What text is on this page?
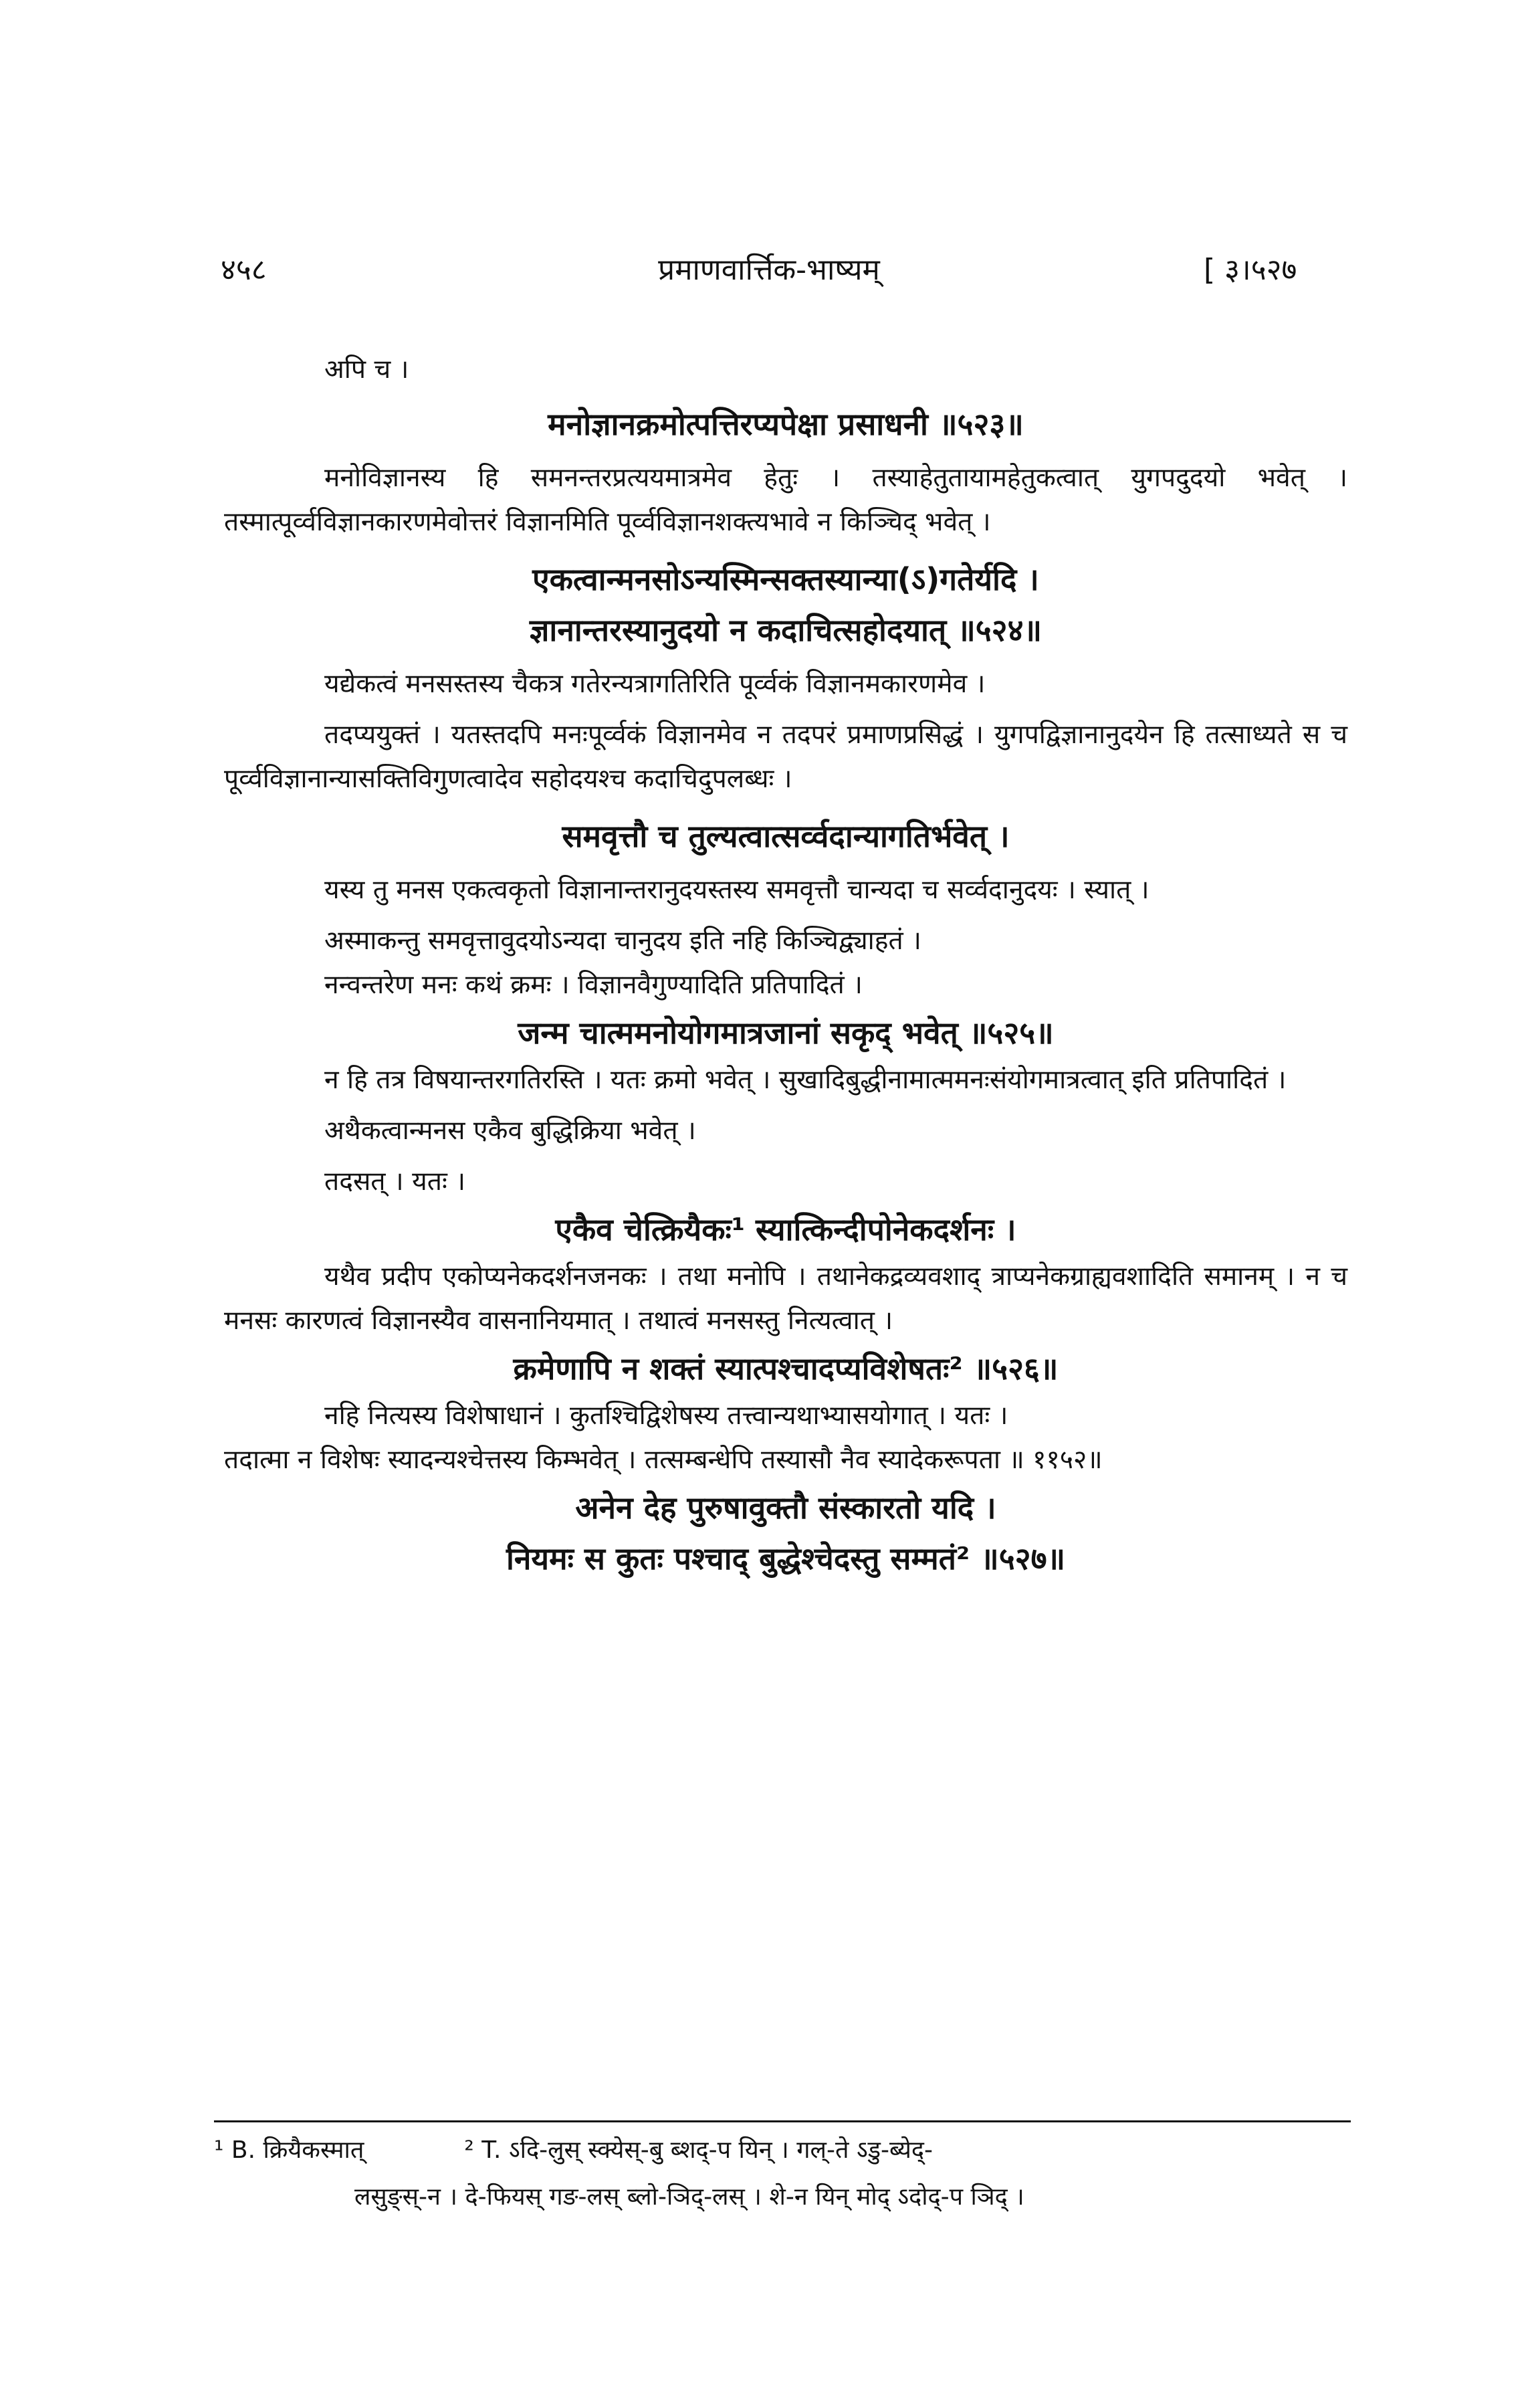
४५८	प्रमाणवार्त्तिक-भाष्यम्	[ ३।५२७

अपि च ।

मनोज्ञानक्रमोत्पत्तिरप्यपेक्षा प्रसाधनी ॥५२३॥

मनोविज्ञानस्य हि समनन्तरप्रत्ययमात्रमेव हेतुः । तस्याहेतुतायामहेतुकत्वात् युगपदुदयो भवेत् । तस्मात्पूर्व्वविज्ञानकारणमेवोत्तरं विज्ञानमिति पूर्व्वविज्ञानशक्त्यभावे न किञ्चिद् भवेत् ।

एकत्वान्मनसोऽन्यस्मिन्सक्तस्यान्या(ऽ)गतेर्यदि ।
ज्ञानान्तरस्यानुदयो न कदाचित्सहोदयात् ॥५२४॥

यद्येकत्वं मनसस्तस्य चैकत्र गतेरन्यत्रागतिरिति पूर्व्वकं विज्ञानमकारणमेव ।

तदप्ययुक्तं । यतस्तदपि मनःपूर्व्वकं विज्ञानमेव न तदपरं प्रमाणप्रसिद्धं । युगपद्विज्ञानानुदयेन हि तत्साध्यते स च पूर्व्वविज्ञानान्यासक्तिविगुणत्वादेव सहोदयश्च कदाचिदुपलब्धः ।

समवृत्तौ च तुल्यत्वात्सर्व्वदान्यागतिर्भवेत् ।

यस्य तु मनस एकत्वकृतो विज्ञानान्तरानुदयस्तस्य समवृत्तौ चान्यदा च सर्व्वदानुदयः । स्यात् ।

अस्माकन्तु समवृत्तावुदयोऽन्यदा चानुदय इति नहि किञ्चिद्व्याहतं ।

नन्वन्तरेण मनः कथं क्रमः । विज्ञानवैगुण्यादिति प्रतिपादितं ।

जन्म चात्ममनोयोगमात्रजानां सकृद् भवेत् ॥५२५॥

न हि तत्र विषयान्तरगतिरस्ति । यतः क्रमो भवेत् । सुखादिबुद्धीनामात्ममनःसंयोगमात्रत्वात् इति प्रतिपादितं ।

अथैकत्वान्मनस एकैव बुद्धिक्रिया भवेत् ।

तदसत् । यतः ।

एकैव चेत्क्रियैकः¹ स्यात्किन्दीपोनेकदर्शनः ।

यथैव प्रदीप एकोप्यनेकदर्शनजनकः । तथा मनोपि । तथानेकद्रव्यवशाद् त्राप्यनेकग्राह्यवशादिति समानम् । न च मनसः कारणत्वं विज्ञानस्यैव वासनानियमात् । तथात्वं मनसस्तु नित्यत्वात् ।

क्रमेणापि न शक्तं स्यात्पश्चादप्यविशेषतः² ॥५२६॥

नहि नित्यस्य विशेषाधानं । कुतश्चिद्विशेषस्य तत्त्वान्यथाभ्यासयोगात् । यतः ।

तदात्मा न विशेषः स्यादन्यश्चेत्तस्य किम्भवेत् । तत्सम्बन्धेपि तस्यासौ नैव स्यादेकरूपता ॥ ११५२॥

अनेन देह पुरुषावुक्तौ संस्कारतो यदि ।
नियमः स कुतः पश्चाद् बुद्धेश्चेदस्तु सम्मतं² ॥५२७॥
¹ B. क्रियैकस्मात्	² T. ऽदि-लुस् स्क्येस्-बु ब्शद्-प यिन् । गल्-ते ऽडु-ब्येद्-
लसुङ्स्-न । दे-फियस् गङ-लस् ब्लो-ञिद्-लस् । शे-न यिन् मोद् ऽदोद्-प ञिद् ।
